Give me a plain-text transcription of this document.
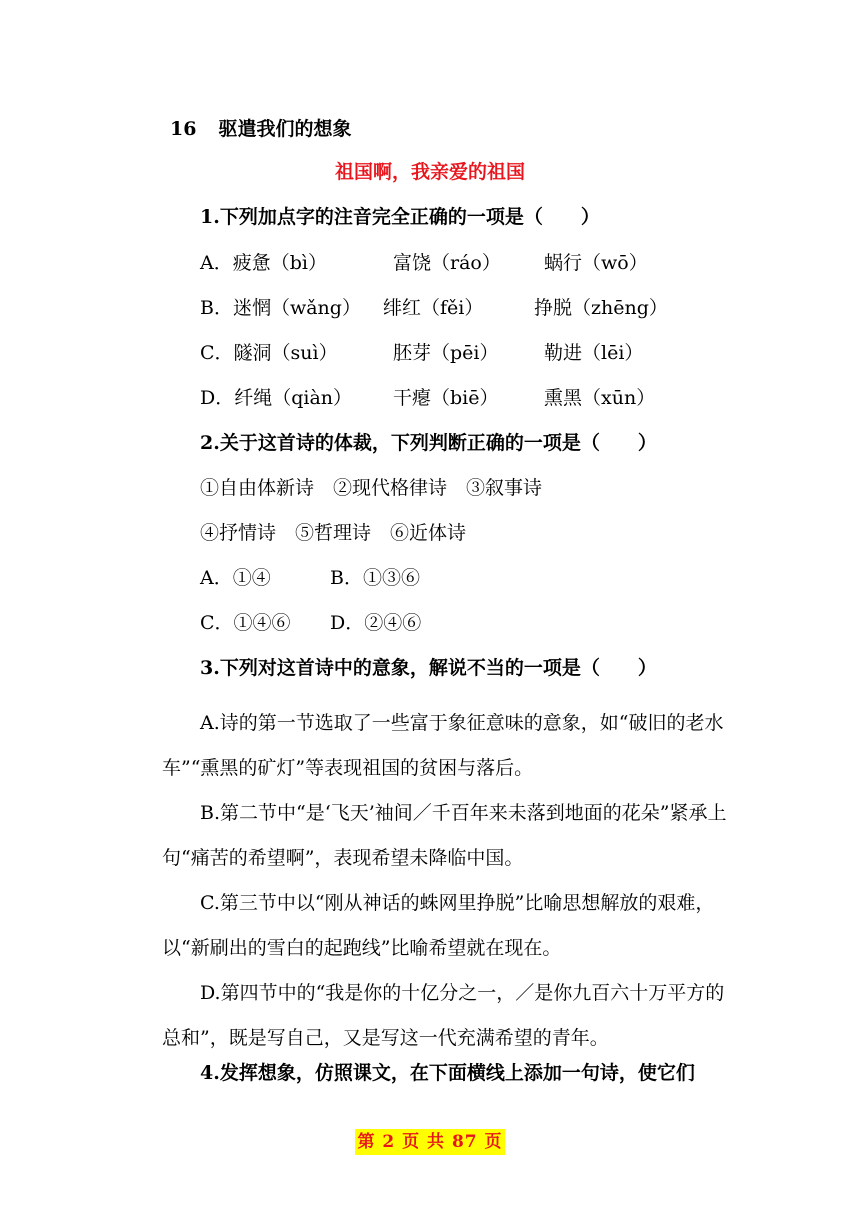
16 驱遣我们的想象
祖国啊，我亲爱的祖国
1.下列加点字的注音完全正确的一项是（　　）
A．疲惫（bì）	富饶（ráo） 蜗行（wō）
B．迷惘（wǎng） 绯红（fěi）	挣脱（zhēng）
C．隧洞（suì）	胚芽（pēi） 勒进（lēi）
D．纤绳（qiàn） 干瘪（biē） 熏黑（xūn）
2.关于这首诗的体裁，下列判断正确的一项是（　　）
①自由体新诗　②现代格律诗　③叙事诗
④抒情诗　⑤哲理诗　⑥近体诗
A．①④	B．①③⑥
C．①④⑥ D．②④⑥
3.下列对这首诗中的意象，解说不当的一项是（　　）
A.诗的第一节选取了一些富于象征意味的意象，如“破旧的老水车”“熏黑的矿灯”等表现祖国的贫困与落后。
B.第二节中“是‘飞天’袖间／千百年来未落到地面的花朵”紧承上句“痛苦的希望啊”，表现希望未降临中国。
C.第三节中以“刚从神话的蛛网里挣脱”比喻思想解放的艰难，以“新刷出的雪白的起跑线”比喻希望就在现在。
D.第四节中的“我是你的十亿分之一，／是你九百六十万平方的总和”，既是写自己，又是写这一代充满希望的青年。
4.发挥想象，仿照课文，在下面横线上添加一句诗，使它们
第 2 页 共 87 页
